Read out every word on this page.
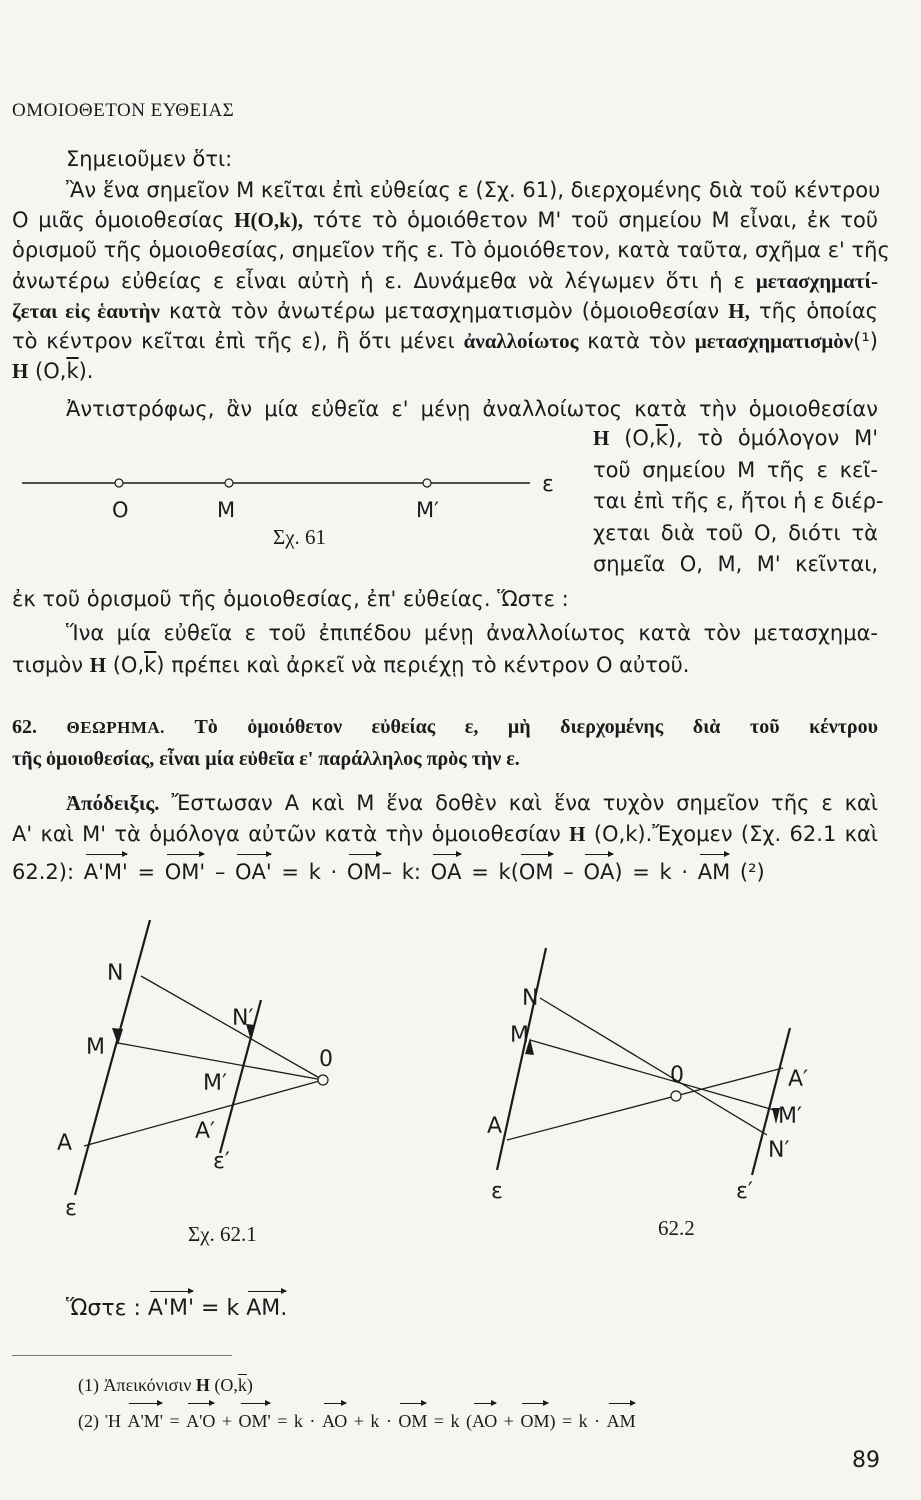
ΟΜΟΙΟΘΕΤΟΝ ΕΥΘΕΙΑΣ
Σημειοῦμεν ὅτι:
Ἂν ἕνα σημεῖον Μ κεῖται ἐπὶ εὐθείας ε (Σχ. 61), διερχομένης διὰ τοῦ κέντρου
Ο μιᾶς ὁμοιοθεσίας Η(Ο,k), τότε τὸ ὁμοιόθετον Μ' τοῦ σημείου Μ εἶναι, ἐκ τοῦ
ὁρισμοῦ τῆς ὁμοιοθεσίας, σημεῖον τῆς ε. Τὸ ὁμοιόθετον, κατὰ ταῦτα, σχῆμα ε' τῆς
ἀνωτέρω εὐθείας ε εἶναι αὐτὴ ἡ ε. Δυνάμεθα νὰ λέγωμεν ὅτι ἡ ε μετασχηματί-
ζεται εἰς ἑαυτὴν κατὰ τὸν ἀνωτέρω μετασχηματισμὸν (ὁμοιοθεσίαν Η, τῆς ὁποίας
τὸ κέντρον κεῖται ἐπὶ τῆς ε), ἢ ὅτι μένει ἀναλλοίωτος κατὰ τὸν μετασχηματισμὸν(¹)
Η $(O,\overline{k})$.
Ἀντιστρόφως, ἂν μία εὐθεῖα ε' μένῃ ἀναλλοίωτος κατὰ τὴν ὁμοιοθεσίαν
Η $(O,\overline{k})$, τὸ ὁμόλογον Μ'
τοῦ σημείου Μ τῆς ε κεῖ-
ται ἐπὶ τῆς ε, ἤτοι ἡ ε διέρ-
χεται διὰ τοῦ Ο, διότι τὰ
σημεῖα Ο, Μ, Μ' κεῖνται,
ἐκ τοῦ ὁρισμοῦ τῆς ὁμοιοθεσίας, ἐπ' εὐθείας. Ὥστε :
Ο	Μ	Μ′
ε
Σχ. 61
Ἵνα μία εὐθεῖα ε τοῦ ἐπιπέδου μένῃ ἀναλλοίωτος κατὰ τὸν μετασχημα-
τισμὸν Η $(O,\overline{k})$ πρέπει καὶ ἀρκεῖ νὰ περιέχῃ τὸ κέντρον Ο αὐτοῦ.
62. ΘΕΩΡΗΜΑ. Τὸ ὁμοιόθετον εὐθείας ε, μὴ διερχομένης διὰ τοῦ κέντρου
τῆς ὁμοιοθεσίας, εἶναι μία εὐθεῖα ε' παράλληλος πρὸς τὴν ε.
Ἀπόδειξις. Ἔστωσαν Α καὶ Μ ἕνα δοθὲν καὶ ἕνα τυχὸν σημεῖον τῆς ε καὶ
Α' καὶ Μ' τὰ ὁμόλογα αὐτῶν κατὰ τὴν ὁμοιοθεσίαν Η (Ο,k).Ἔχομεν (Σχ. 62.1 καὶ
62.2): Α'Μ' = ΟΜ' – ΟΑ' = k · ΟΜ– k: ΟΑ = k(ΟΜ – ΟΑ) = k · ΑΜ (²)
Ν
Ν′
Μ
Μ′
0
Α	Α′
ε′
ε
Σχ. 62.1
Ν
Μ
0	Α′
Μ′
Ν′
Α
ε	ε′
62.2
Ὥστε : Α'Μ' = k ΑΜ.
(1) Ἀπεικόνισιν Η $(O,\overline{k})$
(2) Ἡ Α'Μ' = Α'Ο + ΟΜ' = k · ΑΟ + k · ΟΜ = k (ΑΟ + ΟΜ) = k · ΑΜ
89
